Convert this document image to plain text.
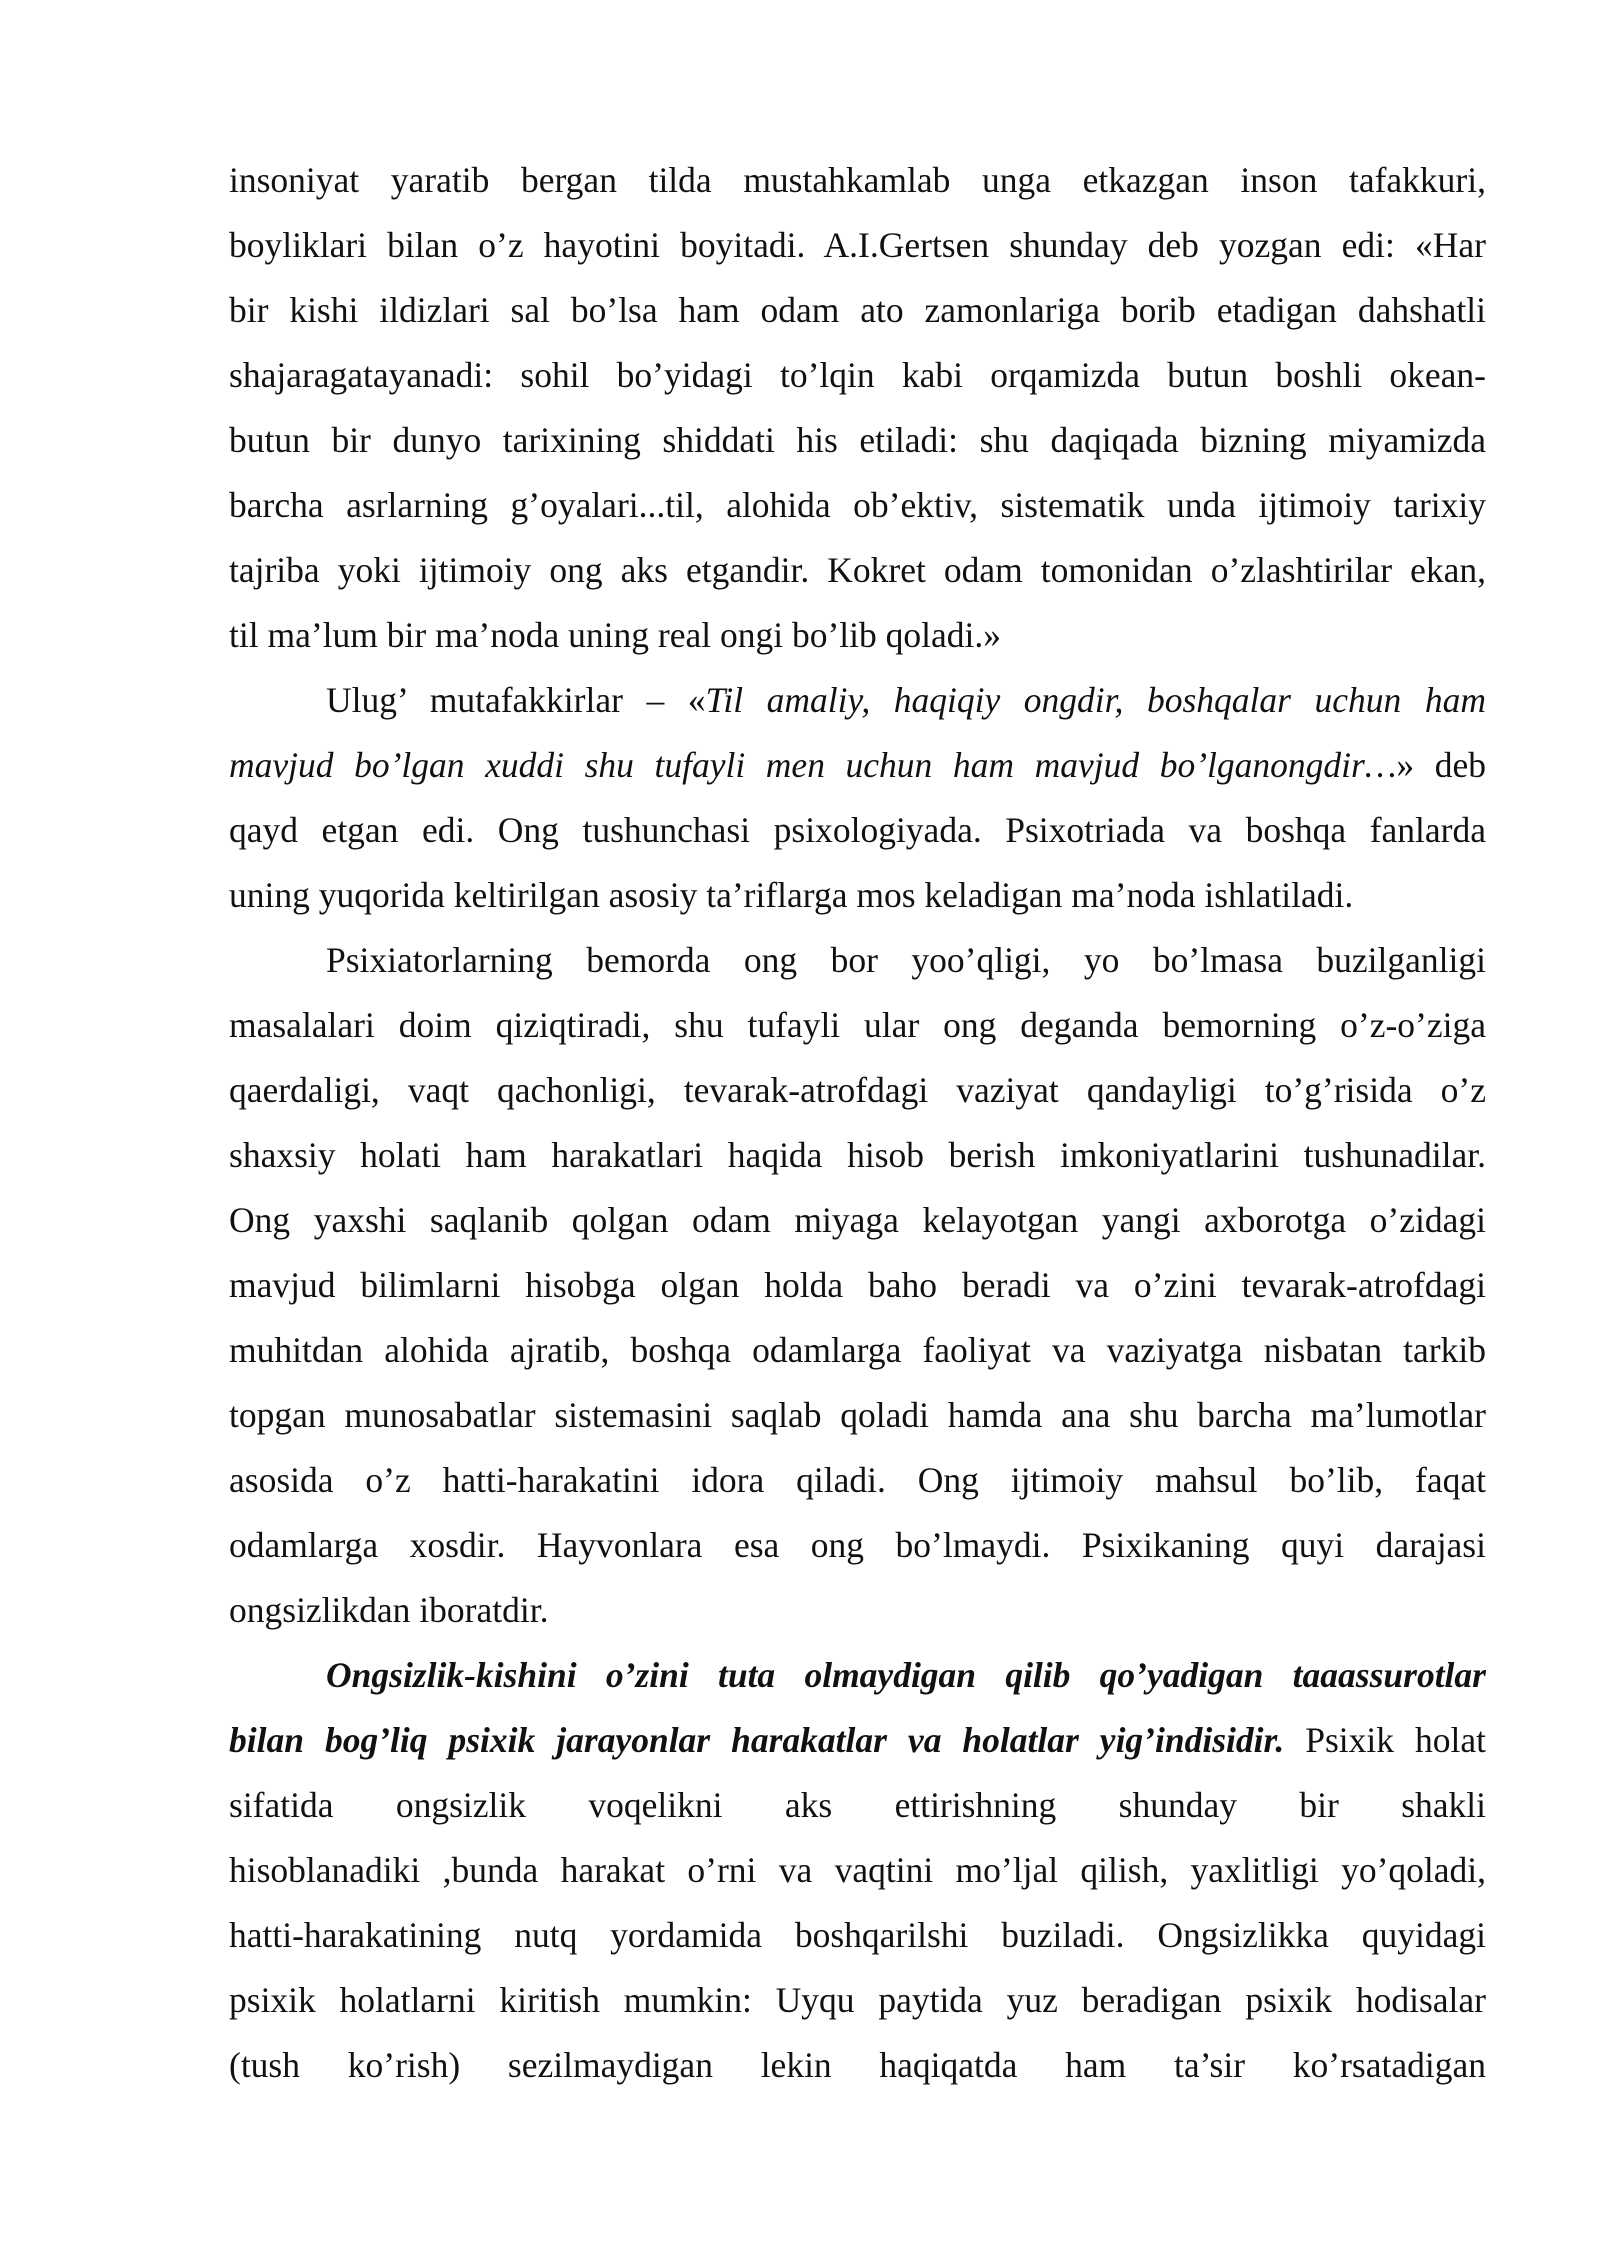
insoniyat yaratib bergan tilda mustahkamlab unga etkazgan inson tafakkuri,
boyliklari bilan o’z hayotini boyitadi. A.I.Gertsen shunday deb yozgan edi: «Har
bir kishi ildizlari sal bo’lsa ham odam ato zamonlariga borib etadigan dahshatli
shajaragatayanadi: sohil bo’yidagi to’lqin kabi orqamizda butun boshli okean-
butun bir dunyo tarixining shiddati his etiladi: shu daqiqada bizning miyamizda
barcha asrlarning g’oyalari...til, alohida ob’ektiv, sistematik unda ijtimoiy tarixiy
tajriba yoki ijtimoiy ong aks etgandir. Kokret odam tomonidan o’zlashtirilar ekan,
til ma’lum bir ma’noda uning real ongi bo’lib qoladi.»
Ulug’ mutafakkirlar – «Til amaliy, haqiqiy ongdir, boshqalar uchun ham
mavjud bo’lgan xuddi shu tufayli men uchun ham mavjud bo’lganongdir…» deb
qayd etgan edi. Ong tushunchasi psixologiyada. Psixotriada va boshqa fanlarda
uning yuqorida keltirilgan asosiy ta’riflarga mos keladigan ma’noda ishlatiladi.
Psixiatorlarning bemorda ong bor yoo’qligi, yo bo’lmasa buzilganligi
masalalari doim qiziqtiradi, shu tufayli ular ong deganda bemorning o’z-o’ziga
qaerdaligi, vaqt qachonligi, tevarak-atrofdagi vaziyat qandayligi to’g’risida o’z
shaxsiy holati ham harakatlari haqida hisob berish imkoniyatlarini tushunadilar.
Ong yaxshi saqlanib qolgan odam miyaga kelayotgan yangi axborotga o’zidagi
mavjud bilimlarni hisobga olgan holda baho beradi va o’zini tevarak-atrofdagi
muhitdan alohida ajratib, boshqa odamlarga faoliyat va vaziyatga nisbatan tarkib
topgan munosabatlar sistemasini saqlab qoladi hamda ana shu barcha ma’lumotlar
asosida o’z hatti-harakatini idora qiladi. Ong ijtimoiy mahsul bo’lib, faqat
odamlarga xosdir. Hayvonlara esa ong bo’lmaydi. Psixikaning quyi darajasi
ongsizlikdan iboratdir.
Ongsizlik-kishini o’zini tuta olmaydigan qilib qo’yadigan taaassurotlar
bilan bog’liq psixik jarayonlar harakatlar va holatlar yig’indisidir. Psixik holat
sifatida ongsizlik voqelikni aks ettirishning shunday bir shakli
hisoblanadiki ,bunda harakat o’rni va vaqtini mo’ljal qilish, yaxlitligi yo’qoladi,
hatti-harakatining nutq yordamida boshqarilshi buziladi. Ongsizlikka quyidagi
psixik holatlarni kiritish mumkin: Uyqu paytida yuz beradigan psixik hodisalar
(tush ko’rish) sezilmaydigan lekin haqiqatda ham ta’sir ko’rsatadigan
